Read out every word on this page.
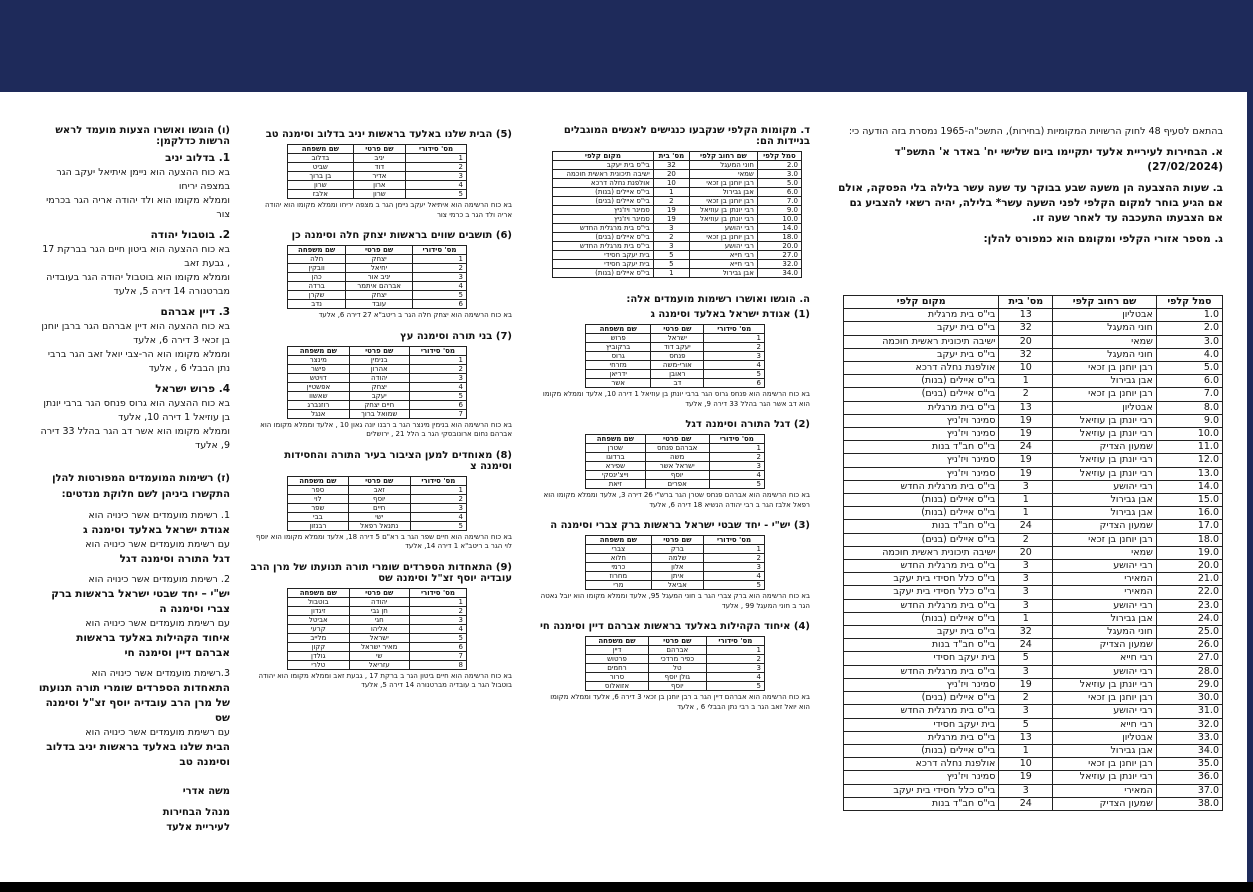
בהתאם לסעיף 48 לחוק הרשויות המקומיות (בחירות), התשכ"ה-1965 נמסרת בזה הודעה כי:
א. הבחירות לעיריית אלעד יתקיימו ביום שלישי יח' באדר א' התשפ"ד (27/02/2024)
ב. שעות ההצבעה הן משעה שבע בבוקר עד שעה עשר בלילה בלי הפסקה, אולם אם הגיע בוחר למקום הקלפי לפני השעה עשר* בלילה, יהיה רשאי להצביע גם אם הצבעתו התעכבה עד לאחר שעה זו.
ג. מספר אזורי הקלפי ומקומם הוא כמפורט להלן:
סמל קלפי	שם רחוב קלפי	מס' בית	מקום קלפי
1.0	אבטליון	13	בי"ס בית מרגלית
2.0	חוני המעגל	32	בי"ס בית יעקב
3.0	שמאי	20	ישיבה תיכונית ראשית חוכמה
4.0	חוני המעגל	32	בי"ס בית יעקב
5.0	רבן יוחנן בן זכאי	10	אולפנת נחלה דרכא
6.0	אבן גבירול	1	בי"ס איילים (בנות)
7.0	רבן יוחנן בן זכאי	2	בי"ס איילים (בנים)
8.0	אבטליון	13	בי"ס בית מרגלית
9.0	רבי יונתן בן עוזיאל	19	סמינר ויז'ניץ
10.0	רבי יונתן בן עוזיאל	19	סמינר ויז'ניץ
11.0	שמעון הצדיק	24	בי"ס חב"ד בנות
12.0	רבי יונתן בן עוזיאל	19	סמינר ויז'ניץ
13.0	רבי יונתן בן עוזיאל	19	סמינר ויז'ניץ
14.0	רבי יהושע	3	בי"ס בית מרגלית החדש
15.0	אבן גבירול	1	בי"ס איילים (בנות)
16.0	אבן גבירול	1	בי"ס איילים (בנות)
17.0	שמעון הצדיק	24	בי"ס חב"ד בנות
18.0	רבן יוחנן בן זכאי	2	בי"ס איילים (בנים)
19.0	שמאי	20	ישיבה תיכונית ראשית חוכמה
20.0	רבי יהושע	3	בי"ס בית מרגלית החדש
21.0	המאירי	3	בי"ס כלל חסידי בית יעקב
22.0	המאירי	3	בי"ס כלל חסידי בית יעקב
23.0	רבי יהושע	3	בי"ס בית מרגלית החדש
24.0	אבן גבירול	1	בי"ס איילים (בנות)
25.0	חוני המעגל	32	בי"ס בית יעקב
26.0	שמעון הצדיק	24	בי"ס חב"ד בנות
27.0	רבי חייא	5	בית יעקב חסידי
28.0	רבי יהושע	3	בי"ס בית מרגלית החדש
29.0	רבי יונתן בן עוזיאל	19	סמינר ויז'ניץ
30.0	רבן יוחנן בן זכאי	2	בי"ס איילים (בנים)
31.0	רבי יהושע	3	בי"ס בית מרגלית החדש
32.0	רבי חייא	5	בית יעקב חסידי
33.0	אבטליון	13	בי"ס בית מרגלית
34.0	אבן גבירול	1	בי"ס איילים (בנות)
35.0	רבן יוחנן בן זכאי	10	אולפנת נחלה דרכא
36.0	רבי יונתן בן עוזיאל	19	סמינר ויז'ניץ
37.0	המאירי	3	בי"ס כלל חסידי בית יעקב
38.0	שמעון הצדיק	24	בי"ס חב"ד בנות
ד. מקומות הקלפי שנקבעו כנגישים לאנשים המוגבלים בניידות הם:
סמל קלפי	שם רחוב קלפי	מס' בית	מקום קלפי
2.0	חוני המעגל	32	בי"ס בית יעקב
3.0	שמאי	20	ישיבה תיכונית ראשית חוכמה
5.0	רבן יוחנן בן זכאי	10	אולפנת נחלה דרכא
6.0	אבן גבירול	1	בי"ס איילים (בנות)
7.0	רבן יוחנן בן זכאי	2	בי"ס איילים (בנים)
9.0	רבי יונתן בן עוזיאל	19	סמינר ויז'ניץ
10.0	רבי יונתן בן עוזיאל	19	סמינר ויז'ניץ
14.0	רבי יהושע	3	בי"ס בית מרגלית החדש
18.0	רבן יוחנן בן זכאי	2	בי"ס איילים (בנים)
20.0	רבי יהושע	3	בי"ס בית מרגלית החדש
27.0	רבי חייא	5	בית יעקב חסידי
32.0	רבי חייא	5	בית יעקב חסידי
34.0	אבן גבירול	1	בי"ס איילים (בנות)
ה. הוגשו ואושרו רשימות מועמדים אלה:
(1) אגודת ישראל באלעד וסימנה ג
מס' סידורי	שם פרטי	שם משפחה
1	ישראל	פרוש
2	יעקב דוד	ברקוביץ
3	פנחס	גרוס
4	אורי-משה	מזרחי
5	ראובן	ידריאן
6	דב	אשר
בא כוח הרשימה הוא פנחס גרוס הגר ברבי יונתן בן עוזיאל 1 דירה 10, אלעד וממלא מקומו הוא דב אשר הגר בהלל 33 דירה 9, אלעד
(2) דגל התורה וסימנה דגל
מס' סידורי	שם פרטי	שם משפחה
1	אברהם פנחס	שטרן
2	משה	ברדוגו
3	ישראל אשר	שפירא
4	יוסף	וייצ'ינסקי
5	אפרים	זיאת
בא כוח הרשימה הוא אברהם פנחס שטרן הגר ברש"י 26 דירה 3, אלעד וממלא מקומו הוא רפאל אלבז הגר ב רבי יהודה הנשיא 18 דירה 6, אלעד
(3) יש"י - יחד שבטי ישראל בראשות ברק צברי וסימנה ה
מס' סידורי	שם פרטי	שם משפחה
1	ברק	צברי
2	שלמה	חלוא
3	אלון	כרמי
4	איתן	מחרוז
5	אביאל	מרי
בא כוח הרשימה הוא ברק צברי הגר ב חוני המעגל 95, אלעד וממלא מקומו הוא יובל גאטה הגר ב חוני המעגל 99 , אלעד
(4) איחוד הקהילות באלעד בראשות אברהם דיין וסימנה חי
מס' סידורי	שם פרטי	שם משפחה
1	אברהם	דיין
2	כפיר מרדכי	פרטוש
3	טל	רחמים
4	גולן יוסף	סרור
5	יוסף	אזואלוס
בא כוח הרשימה הוא אברהם דיין הגר ב רבן יוחנן בן זכאי 3 דירה 6, אלעד וממלא מקומו הוא יואל זאב הגר ב רבי נתן הבבלי 6 , אלעד
(5) הבית שלנו באלעד בראשות יניב בדלוב וסימנה טב
מס' סידורי	שם פרטי	שם משפחה
1	יניב	בדלוב
2	דוד	שביט
3	אדיר	בן ברוך
4	ארון	שרון
5	שרון	אלבז
בא כוח הרשימה הוא איתיאל יעקב ניימן הגר ב מצפה יריחו וממלא מקומו הוא יהודה אריה ולד הגר ב כרמי צור
(6) תושבים שווים בראשות יצחק חלה וסימנה כן
מס' סידורי	שם פרטי	שם משפחה
1	יצחק	חלה
2	יחיאל	וובקין
3	יניב אור	כהן
4	אברהם איתמר	ברדה
5	יצחק	שקרן
6	עובד	נדב
בא כוח הרשימה הוא יצחק חלה הגר ב ריטב"א 27 דירה 6, אלעד
(7) בני תורה וסימנה עץ
מס' סידורי	שם פרטי	שם משפחה
1	בנימין	מינצר
2	אהרון	פישר
3	יהודה	דויטש
4	יצחק	אפשטיין
5	יעקב	שאשוו
6	חיים יצחק	רוזנברג
7	שמואל ברוך	אנגל
בא כוח הרשימה הוא בנימין מינצר הגר ב רבנו יונה גאון 10 , אלעד וממלא מקומו הוא אברהם נחום ארונובסקי הגר ב הלל 21 , ירושלים
(8) מאוחדים למען הציבור בעיר התורה והחסידות וסימנה צ
מס' סידורי	שם פרטי	שם משפחה
1	זאב	ספר
2	יוסף	לוי
3	חיים	שפר
4	ישי	בבי
5	נתנאל רפאל	רבנזון
בא כוח הרשימה הוא חיים שפר הגר ב רא"ם 5 דירה 18, אלעד וממלא מקומו הוא יוסף לוי הגר ב ריטב"א 1 דירה 14, אלעד
(9) התאחדות הספרדים שומרי תורה תנועתו של מרן הרב עובדיה יוסף זצ"ל וסימנה שס
מס' סידורי	שם פרטי	שם משפחה
1	יהודה	בוטבול
2	חן גבי	זיגדון
3	חגי	אביטל
4	אליהו	קרעי
5	ישראל	מלייב
6	מאיר ישראל	קקון
7	שי	גולדן
8	עזריאל	טלרי
בא כוח הרשימה הוא חיים ביטון הגר ב ברקת 17 , גבעת זאב וממלא מקומו הוא יהודה בוטבול הגר ב עובדיה מברטנורה 14 דירה 5, אלעד
(ו) הוגשו ואושרו הצעות מועמד לראש הרשות כדלקמן:
1. בדלוב יניב
בא כוח ההצעה הוא ניימן איתיאל יעקב הגר במצפה יריחו
וממלא מקומו הוא ולד יהודה אריה הגר בכרמי צור
2. בוטבול יהודה
בא כוח ההצעה הוא ביטון חיים הגר בברקת 17 , גבעת זאב
וממלא מקומו הוא בוטבול יהודה הגר בעובדיה מברטנורה 14 דירה 5, אלעד
3. דיין אברהם
בא כוח ההצעה הוא דיין אברהם הגר ברבן יוחנן בן זכאי 3 דירה 6, אלעד
וממלא מקומו הוא הר-צבי יואל זאב הגר ברבי נתן הבבלי 6 , אלעד
4. פרוש ישראל
בא כוח ההצעה הוא גרוס פנחס הגר ברבי יונתן בן עוזיאל 1 דירה 10, אלעד
וממלא מקומו הוא אשר דב הגר בהלל 33 דירה 9, אלעד
(ז) רשימות המועמדים המפורטות להלן התקשרו ביניהן לשם חלוקת מנדטים:
1. רשימת מועמדים אשר כינויה הוא
אגודת ישראל באלעד וסימנה ג
עם רשימת מועמדים אשר כינויה הוא
דגל התורה וסימנה דגל
2. רשימת מועמדים אשר כינויה הוא
יש"י – יחד שבטי ישראל בראשות ברק צברי וסימנה ה
עם רשימת מועמדים אשר כינויה הוא
איחוד הקהילות באלעד בראשות אברהם דיין וסימנה חי
3.רשימת מועמדים אשר כינויה הוא
התאחדות הספרדים שומרי תורה תנועתו של מרן הרב עובדיה יוסף זצ"ל וסימנה שס
עם רשימת מועמדים אשר כינויה הוא
הבית שלנו באלעד בראשות יניב בדלוב וסימנה טב
משה אדרי
מנהל הבחירות
לעיריית אלעד
